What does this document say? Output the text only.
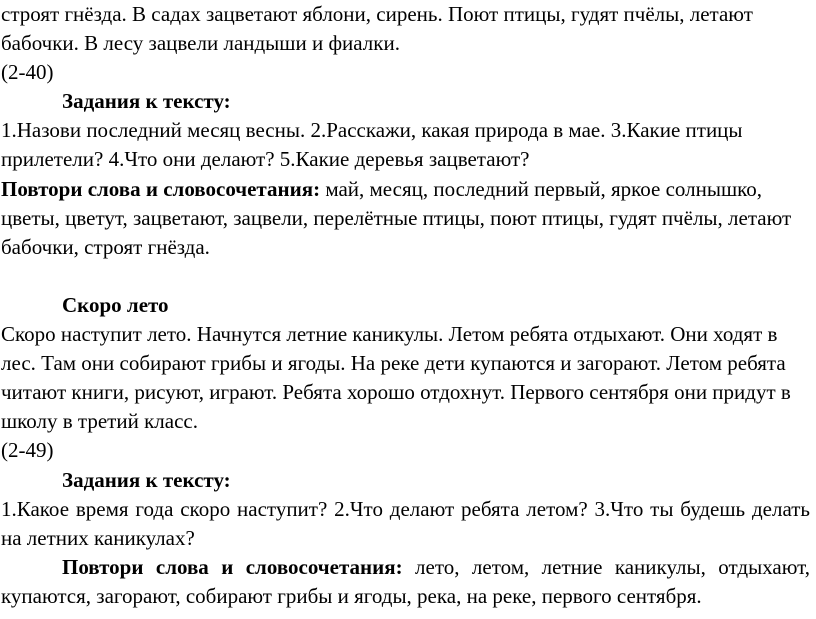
строят гнёзда. В садах зацветают яблони, сирень. Поют птицы, гудят пчёлы, летают бабочки. В лесу зацвели ландыши и фиалки.

(2-40)

Задания к тексту:

1.Назови последний месяц весны. 2.Расскажи, какая природа в мае. 3.Какие птицы прилетели? 4.Что они делают? 5.Какие деревья зацветают?

Повтори слова и словосочетания: май, месяц, последний первый, яркое солнышко, цветы, цветут, зацветают, зацвели, перелётные птицы, поют птицы, гудят пчёлы, летают бабочки, строят гнёзда.

Скоро лето

Скоро наступит лето. Начнутся летние каникулы. Летом ребята отдыхают. Они ходят в лес. Там они собирают грибы и ягоды. На реке дети купаются и загорают. Летом ребята читают книги, рисуют, играют. Ребята хорошо отдохнут. Первого сентября они придут в школу в третий класс.

(2-49)

Задания к тексту:

1.Какое время года скоро наступит? 2.Что делают ребята летом? 3.Что ты будешь делать на летних каникулах?

Повтори слова и словосочетания: лето, летом, летние каникулы, отдыхают, купаются, загорают, собирают грибы и ягоды, река, на реке, первого сентября.
